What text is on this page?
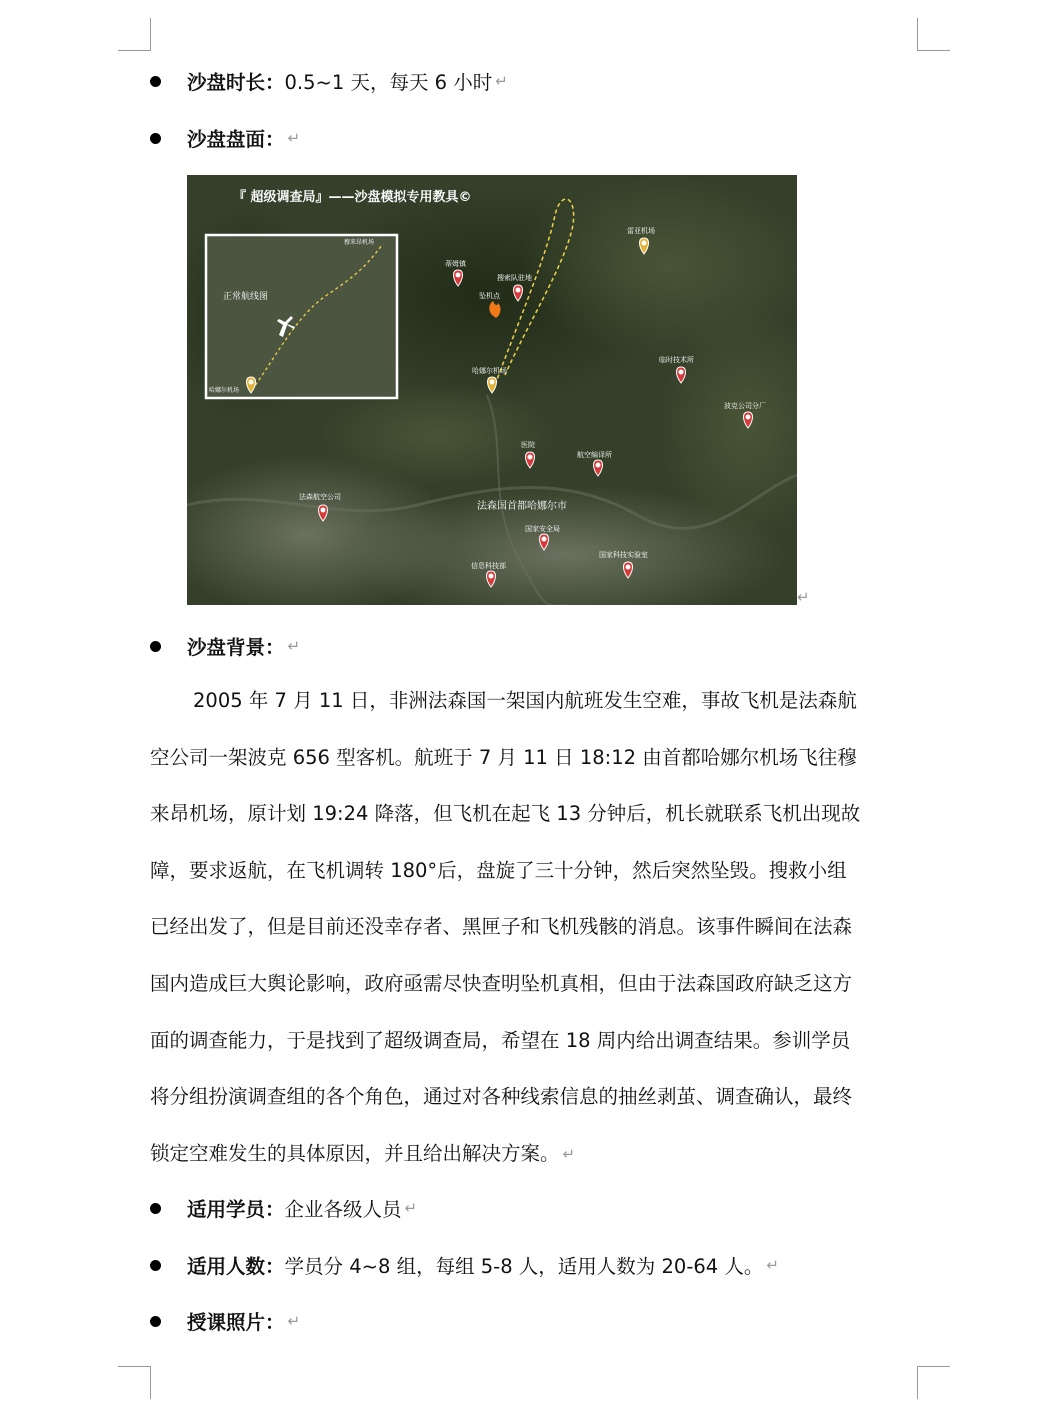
沙盘时长： 0.5~1 天，每天 6 小时 ↵
沙盘盘面： ↵
正常航线图
穆来昂机场
哈娜尔机场
『 超级调查局』——沙盘模拟专用教具©
蒂姆镇
搜索队驻地
坠机点
雷亚机场
哈娜尔机场
临时技术所
波克公司分厂
医院
航空编译所
法森航空公司
法森国首都哈娜尔市
国家安全局
信息科技部
国家科技实验室
↵
沙盘背景： ↵
2005 年 7 月 11 日，非洲法森国一架国内航班发生空难，事故飞机是法森航
空公司一架波克 656 型客机。航班于 7 月 11 日 18:12 由首都哈娜尔机场飞往穆
来昂机场，原计划 19:24 降落，但飞机在起飞 13 分钟后，机长就联系飞机出现故
障，要求返航，在飞机调转 180°后，盘旋了三十分钟，然后突然坠毁。搜救小组
已经出发了，但是目前还没幸存者、黑匣子和飞机残骸的消息。该事件瞬间在法森
国内造成巨大舆论影响，政府亟需尽快查明坠机真相，但由于法森国政府缺乏这方
面的调查能力，于是找到了超级调查局，希望在 18 周内给出调查结果。参训学员
将分组扮演调查组的各个角色，通过对各种线索信息的抽丝剥茧、调查确认，最终
锁定空难发生的具体原因，并且给出解决方案。 ↵
适用学员： 企业各级人员 ↵
适用人数： 学员分 4~8 组，每组 5-8 人，适用人数为 20-64 人。 ↵
授课照片： ↵
